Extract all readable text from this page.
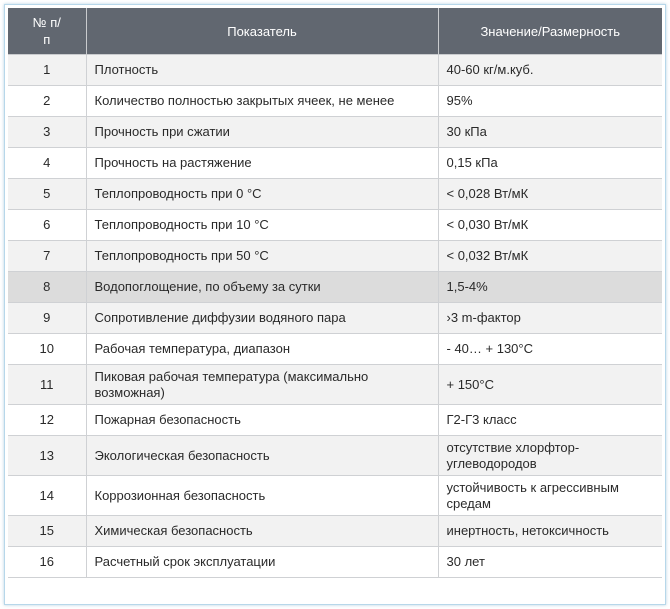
№ п/
п	Показатель	Значение/Размерность
1	Плотность	40-60 кг/м.куб.
2	Количество полностью закрытых ячеек, не менее	95%
3	Прочность при сжатии	30 кПа
4	Прочность на растяжение	0,15 кПа
5	Теплопроводность при 0 °С	< 0,028 Вт/мК
6	Теплопроводность при 10 °С	< 0,030 Вт/мК
7	Теплопроводность при 50 °С	< 0,032 Вт/мК
8	Водопоглощение, по объему за сутки	1,5-4%
9	Сопротивление диффузии водяного пара	›3 m-фактор
10	Рабочая температура, диапазон	- 40… + 130°С
11	Пиковая рабочая температура (максимально возможная)	+ 150°С
12	Пожарная безопасность	Г2-Г3 класс
13	Экологическая безопасность	отсутствие хлорфтор-углеводородов
14	Коррозионная безопасность	устойчивость к агрессивным средам
15	Химическая безопасность	инертность, нетоксичность
16	Расчетный срок эксплуатации	30 лет
